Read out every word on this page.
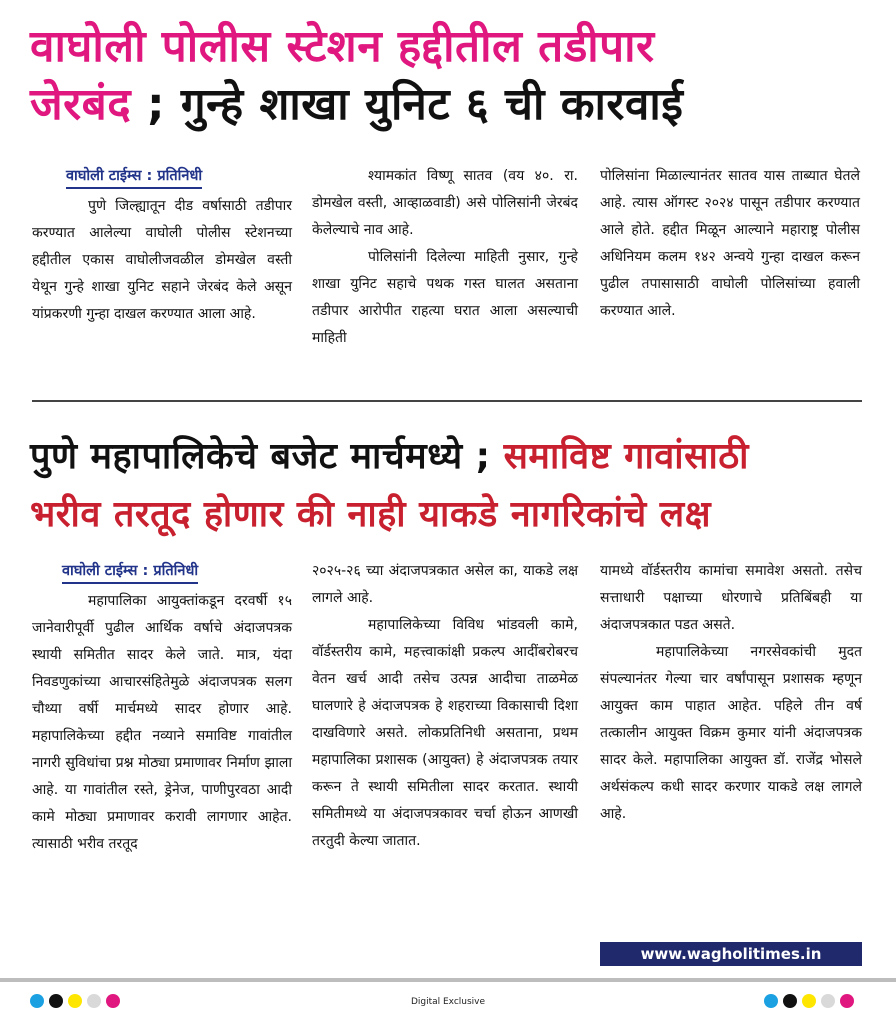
वाघोली पोलीस स्टेशन हद्दीतील तडीपार
जेरबंद ; गुन्हे शाखा युनिट ६ ची कारवाई
वाघोली टाईम्स : प्रतिनिधी

पुणे जिल्ह्यातून दीड वर्षासाठी तडीपार करण्यात आलेल्या वाघोली पोलीस स्टेशनच्या हद्दीतील एकास वाघोलीजवळील डोमखेल वस्ती येथून गुन्हे शाखा युनिट सहाने जेरबंद केले असून यांप्रकरणी गुन्हा दाखल करण्यात आला आहे.

श्यामकांत विष्णू सातव (वय ४०. रा. डोमखेल वस्ती, आव्हाळवाडी) असे पोलिसांनी जेरबंद केलेल्याचे नाव आहे.

पोलिसांनी दिलेल्या माहिती नुसार, गुन्हे शाखा युनिट सहाचे पथक गस्त घालत असताना तडीपार आरोपीत राहत्या घरात आला असल्याची माहिती

पोलिसांना मिळाल्यानंतर सातव यास ताब्यात घेतले आहे. त्यास ऑगस्ट २०२४ पासून तडीपार करण्यात आले होते. हद्दीत मिळून आल्याने महाराष्ट्र पोलीस अधिनियम कलम १४२ अन्वये गुन्हा दाखल करून पुढील तपासासाठी वाघोली पोलिसांच्या हवाली करण्यात आले.

पुणे महापालिकेचे बजेट मार्चमध्ये ; समाविष्ट गावांसाठी
भरीव तरतूद होणार की नाही याकडे नागरिकांचे लक्ष
वाघोली टाईम्स : प्रतिनिधी

महापालिका आयुक्तांकडून दरवर्षी १५ जानेवारीपूर्वी पुढील आर्थिक वर्षाचे अंदाजपत्रक स्थायी समितीत सादर केले जाते. मात्र, यंदा निवडणुकांच्या आचारसंहितेमुळे अंदाजपत्रक सलग चौथ्या वर्षी मार्चमध्ये सादर होणार आहे. महापालिकेच्या हद्दीत नव्याने समाविष्ट गावांतील नागरी सुविधांचा प्रश्न मोठ्या प्रमाणावर निर्माण झाला आहे. या गावांतील रस्ते, ड्रेनेज, पाणीपुरवठा आदी कामे मोठ्या प्रमाणावर करावी लागणार आहेत. त्यासाठी भरीव तरतूद

२०२५-२६ च्या अंदाजपत्रकात असेल का, याकडे लक्ष लागले आहे.

महापालिकेच्या विविध भांडवली कामे, वॉर्डस्तरीय कामे, महत्त्वाकांक्षी प्रकल्प आदींबरोबरच वेतन खर्च आदी तसेच उत्पन्न आदीचा ताळमेळ घालणारे हे अंदाजपत्रक हे शहराच्या विकासाची दिशा दाखविणारे असते. लोकप्रतिनिधी असताना, प्रथम महापालिका प्रशासक (आयुक्त) हे अंदाजपत्रक तयार करून ते स्थायी समितीला सादर करतात. स्थायी समितीमध्ये या अंदाजपत्रकावर चर्चा होऊन आणखी तरतुदी केल्या जातात.

यामध्ये वॉर्डस्तरीय कामांचा समावेश असतो. तसेच सत्ताधारी पक्षाच्या धोरणाचे प्रतिबिंबही या अंदाजपत्रकात पडत असते.

महापालिकेच्या नगरसेवकांची मुदत संपल्यानंतर गेल्या चार वर्षांपासून प्रशासक म्हणून आयुक्त काम पाहात आहेत. पहिले तीन वर्ष तत्कालीन आयुक्त विक्रम कुमार यांनी अंदाजपत्रक सादर केले. महापालिका आयुक्त डॉ. राजेंद्र भोसले अर्थसंकल्प कधी सादर करणार याकडे लक्ष लागले आहे.

www.wagholitimes.in
Digital Exclusive
